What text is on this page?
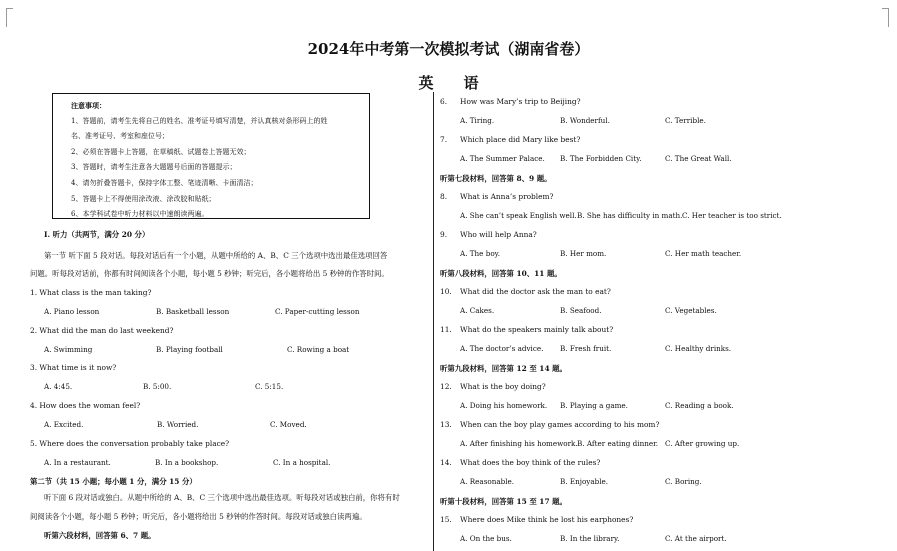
2024年中考第一次模拟考试（湖南省卷）
英语
注意事项：
1、答题前，请考生先将自己的姓名、准考证号填写清楚，并认真核对条形码上的姓
名、准考证号、考室和座位号；
2、必须在答题卡上答题，在草稿纸、试题卷上答题无效；
3、答题时，请考生注意各大题题号后面的答题提示；
4、请勿折叠答题卡，保持字体工整、笔迹清晰、卡面清洁；
5、答题卡上不得使用涂改液、涂改胶和贴纸；
6、本学科试卷中听力材料以中速朗读两遍。
Ⅰ. 听力（共两节，满分 20 分）
第一节 听下面 5 段对话。每段对话后有一个小题，从题中所给的 A、B、C 三个选项中选出最佳选项回答
问题。听每段对话前，你都有时间阅读各个小题，每小题 5 秒钟；听完后，各小题将给出 5 秒钟的作答时间。
1. What class is the man taking?
A. Piano lesson	B. Basketball lesson	C. Paper-cutting lesson
2. What did the man do last weekend?
A. Swimming	B. Playing football	C. Rowing a boat
3. What time is it now?
A. 4:45.	B. 5:00.	C. 5:15.
4. How does the woman feel?
A. Excited.	B. Worried.	C. Moved.
5. Where does the conversation probably take place?
A. In a restaurant.	B. In a bookshop.	C. In a hospital.
第二节（共 15 小题；每小题 1 分，满分 15 分）
听下面 6 段对话或独白。从题中所给的 A、B、C 三个选项中选出最佳选项。听每段对话或独白前，你将有时
间阅读各个小题，每小题 5 秒钟；听完后，各小题将给出 5 秒钟的作答时间。每段对话或独白读两遍。
听第六段材料，回答第 6、7 题。
6. How was Mary’s trip to Beijing?
A. Tiring.	B. Wonderful.	C. Terrible.
7. Which place did Mary like best?
A. The Summer Palace. B. The Forbidden City.	C. The Great Wall.
听第七段材料，回答第 8、9 题。
8. What is Anna’s problem?
A. She can’t speak English well. B. She has difficulty in math. C. Her teacher is too strict.
9. Who will help Anna?
A. The boy.	B. Her mom.	C. Her math teacher.
听第八段材料，回答第 10、11 题。
10. What did the doctor ask the man to eat?
A. Cakes.	B. Seafood.	C. Vegetables.
11. What do the speakers mainly talk about?
A. The doctor’s advice. B. Fresh fruit.	C. Healthy drinks.
听第九段材料，回答第 12 至 14 题。
12. What is the boy doing?
A. Doing his homework. B. Playing a game.	C. Reading a book.
13. When can the boy play games according to his mom?
A. After finishing his homework. B. After eating dinner. C. After growing up.
14. What does the boy think of the rules?
A. Reasonable.	B. Enjoyable.	C. Boring.
听第十段材料，回答第 15 至 17 题。
15. Where does Mike think he lost his earphones?
A. On the bus.	B. In the library.	C. At the airport.
